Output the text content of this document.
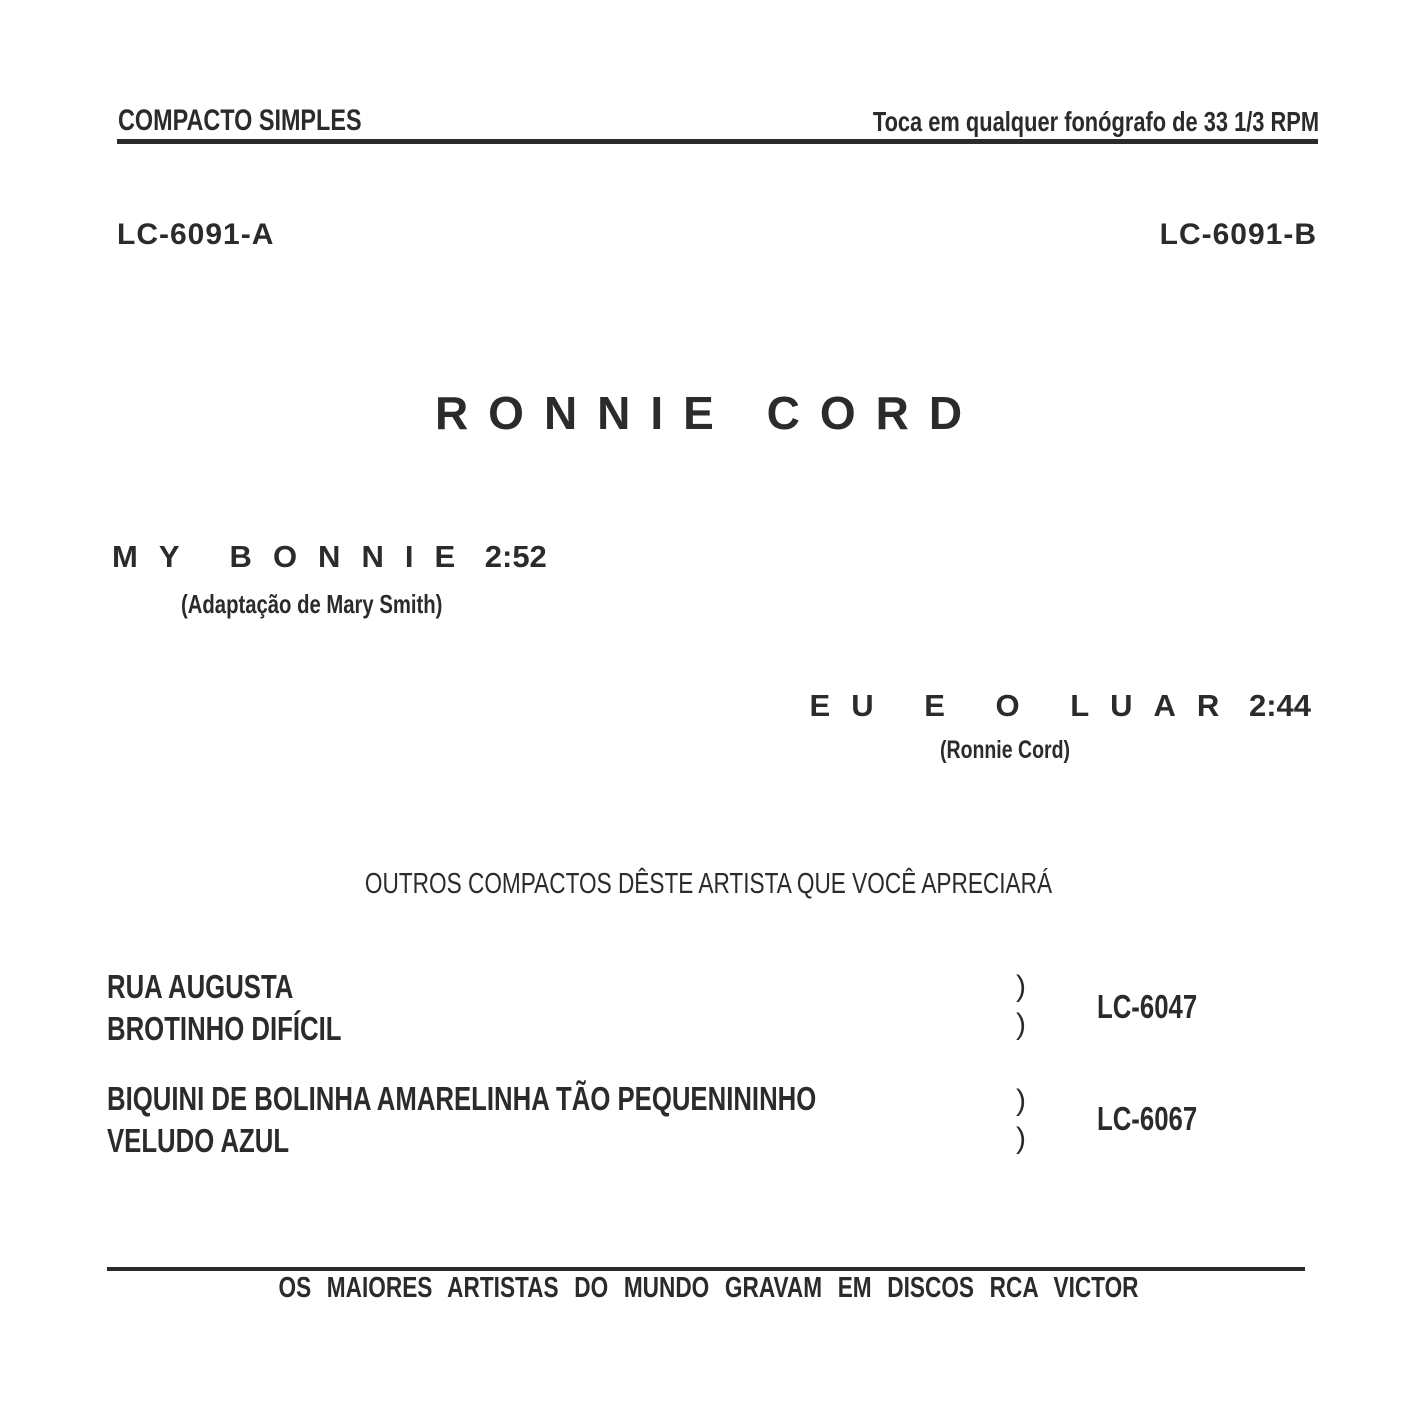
COMPACTO SIMPLES	Toca em qualquer fonógrafo de 33 1/3 RPM
LC-6091-A	LC-6091-B
RONNIE CORD
MY BONNIE 2:52
(Adaptação de Mary Smith)
EU E O LUAR 2:44
(Ronnie Cord)
OUTROS COMPACTOS DÊSTE ARTISTA QUE VOCÊ APRECIARÁ
RUA AUGUSTA
BROTINHO DIFÍCIL
BIQUINI DE BOLINHA AMARELINHA TÃO PEQUENININHO
VELUDO AZUL
)
)
)
)
LC-6047
LC-6067
OS MAIORES ARTISTAS DO MUNDO GRAVAM EM DISCOS RCA VICTOR
